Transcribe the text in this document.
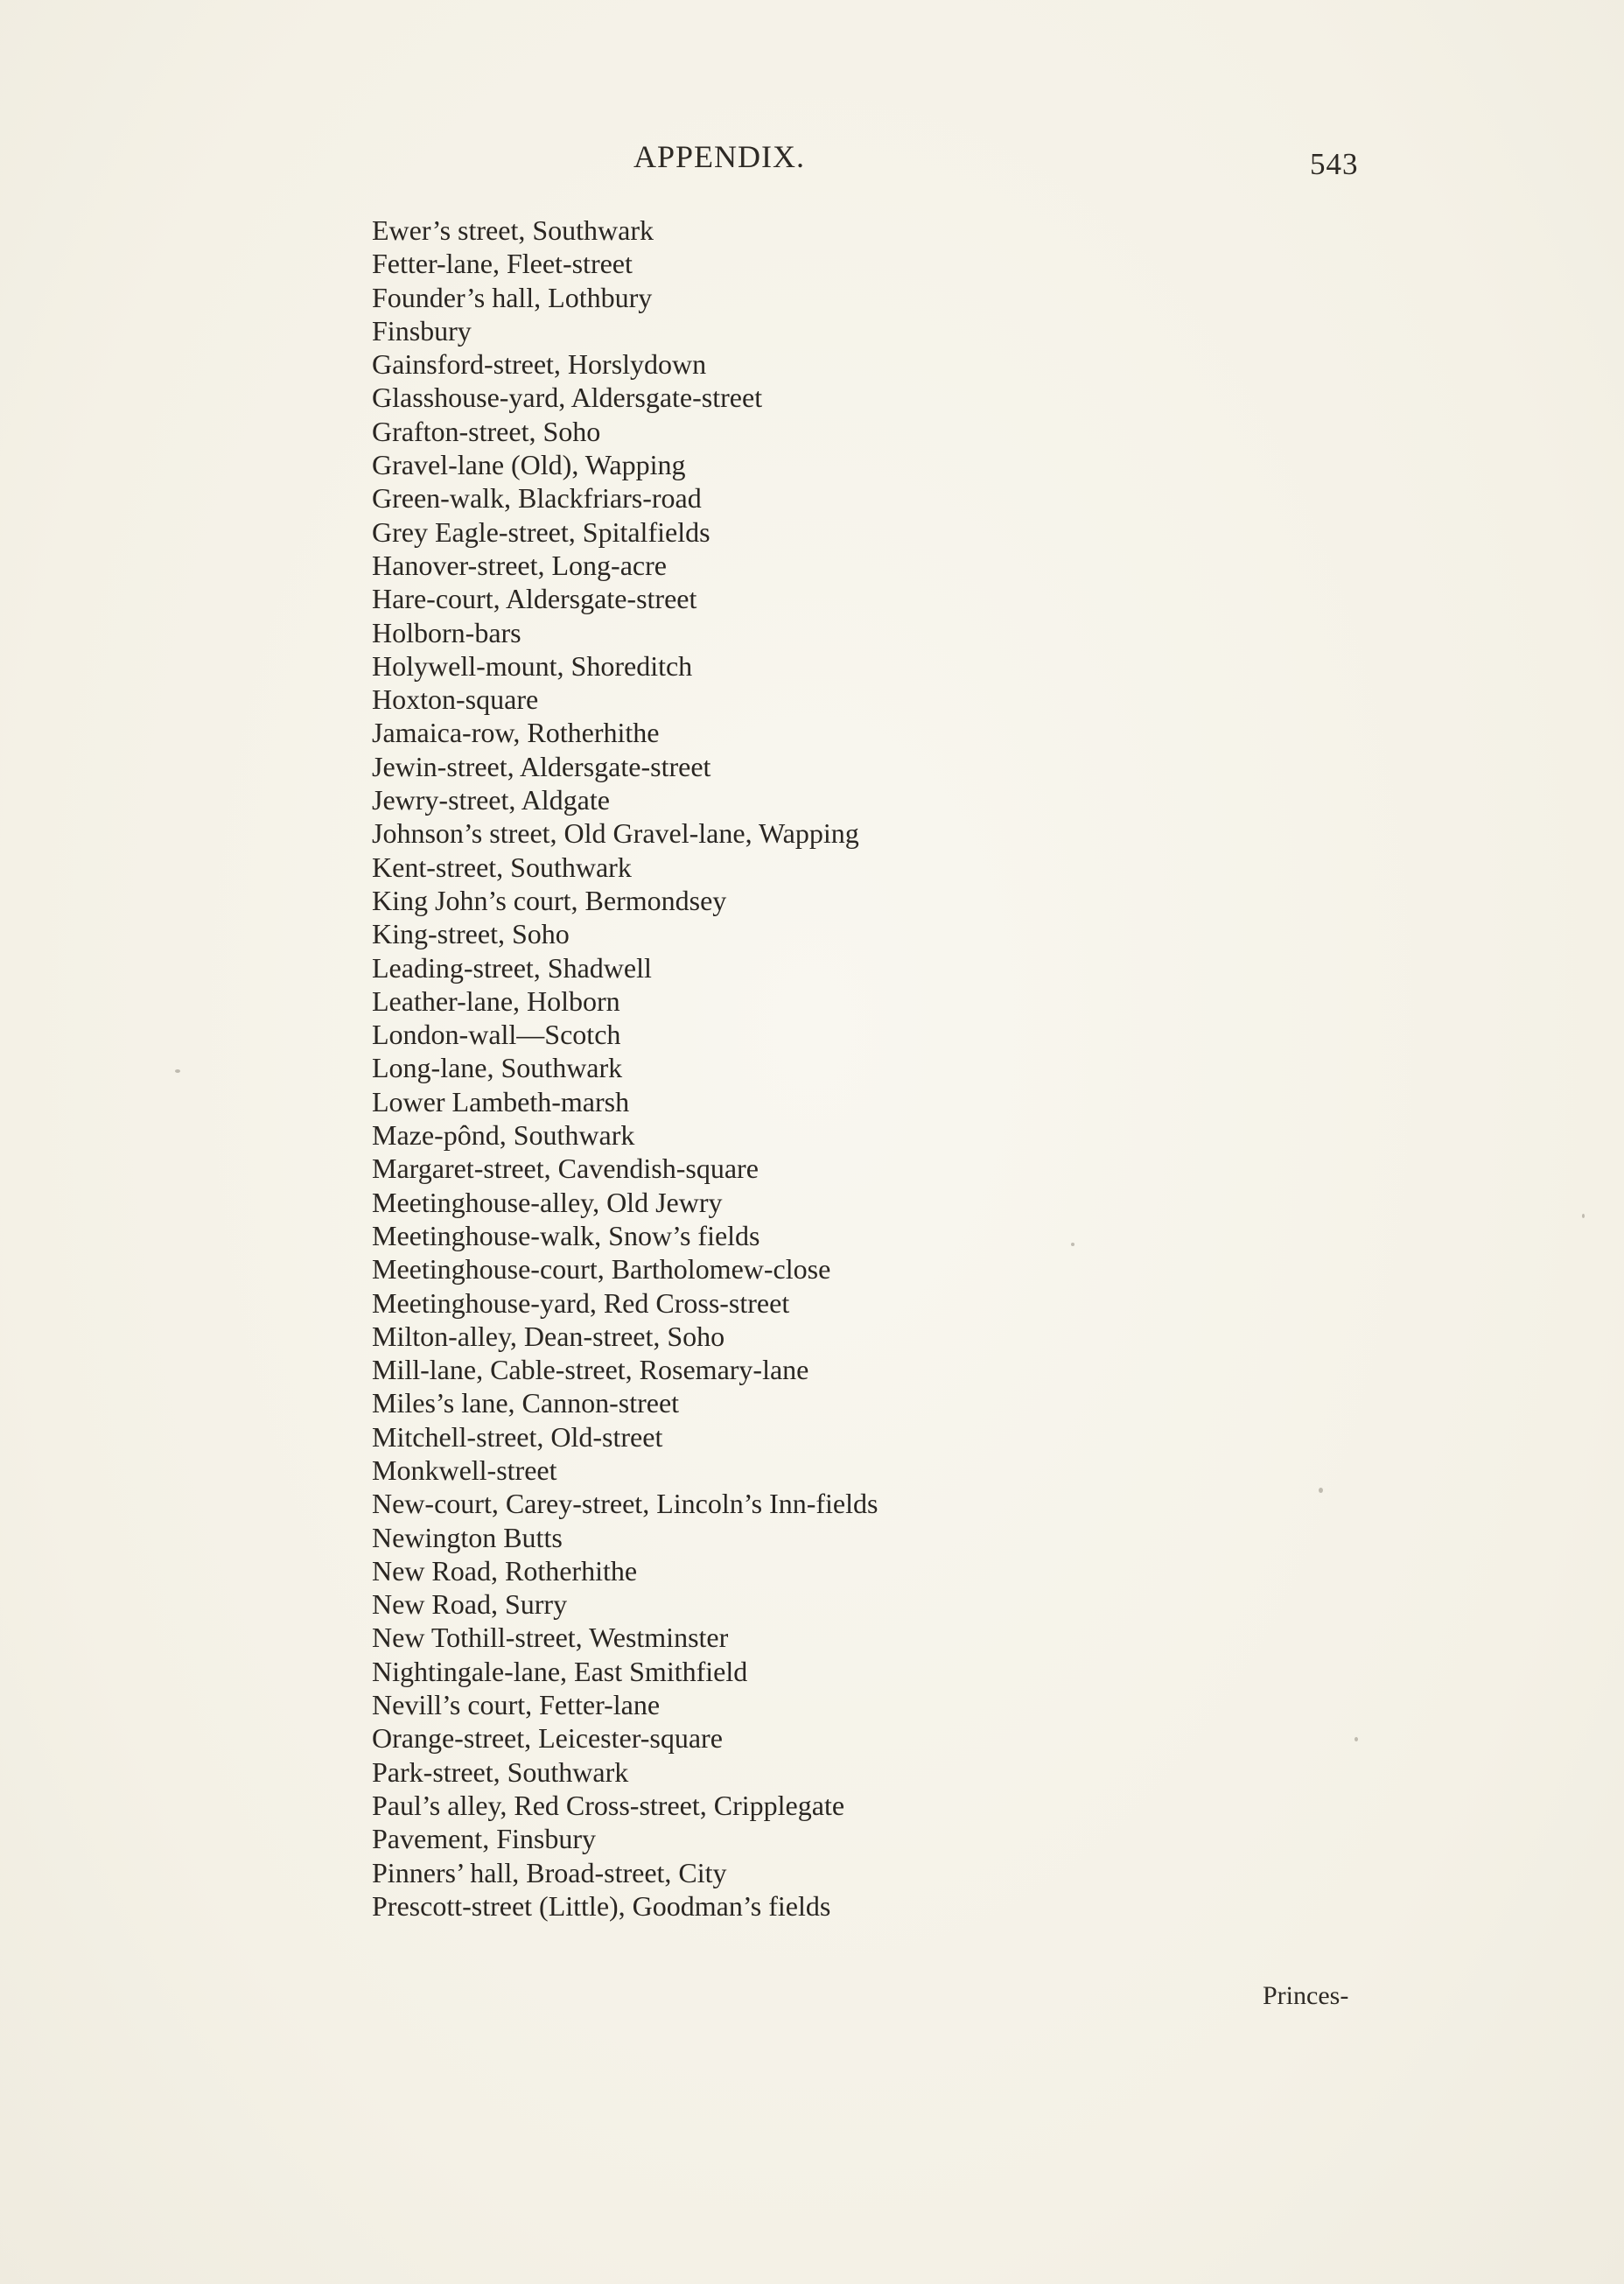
APPENDIX.	543
Ewer’s street, Southwark
Fetter-lane, Fleet-street
Founder’s hall, Lothbury
Finsbury
Gainsford-street, Horslydown
Glasshouse-yard, Aldersgate-street
Grafton-street, Soho
Gravel-lane (Old), Wapping
Green-walk, Blackfriars-road
Grey Eagle-street, Spitalfields
Hanover-street, Long-acre
Hare-court, Aldersgate-street
Holborn-bars
Holywell-mount, Shoreditch
Hoxton-square
Jamaica-row, Rotherhithe
Jewin-street, Aldersgate-street
Jewry-street, Aldgate
Johnson’s street, Old Gravel-lane, Wapping
Kent-street, Southwark
King John’s court, Bermondsey
King-street, Soho
Leading-street, Shadwell
Leather-lane, Holborn
London-wall—Scotch
Long-lane, Southwark
Lower Lambeth-marsh
Maze-pônd, Southwark
Margaret-street, Cavendish-square
Meetinghouse-alley, Old Jewry
Meetinghouse-walk, Snow’s fields
Meetinghouse-court, Bartholomew-close
Meetinghouse-yard, Red Cross-street
Milton-alley, Dean-street, Soho
Mill-lane, Cable-street, Rosemary-lane
Miles’s lane, Cannon-street
Mitchell-street, Old-street
Monkwell-street
New-court, Carey-street, Lincoln’s Inn-fields
Newington Butts
New Road, Rotherhithe
New Road, Surry
New Tothill-street, Westminster
Nightingale-lane, East Smithfield
Nevill’s court, Fetter-lane
Orange-street, Leicester-square
Park-street, Southwark
Paul’s alley, Red Cross-street, Cripplegate
Pavement, Finsbury
Pinners’ hall, Broad-street, City
Prescott-street (Little), Goodman’s fields
Princes-
